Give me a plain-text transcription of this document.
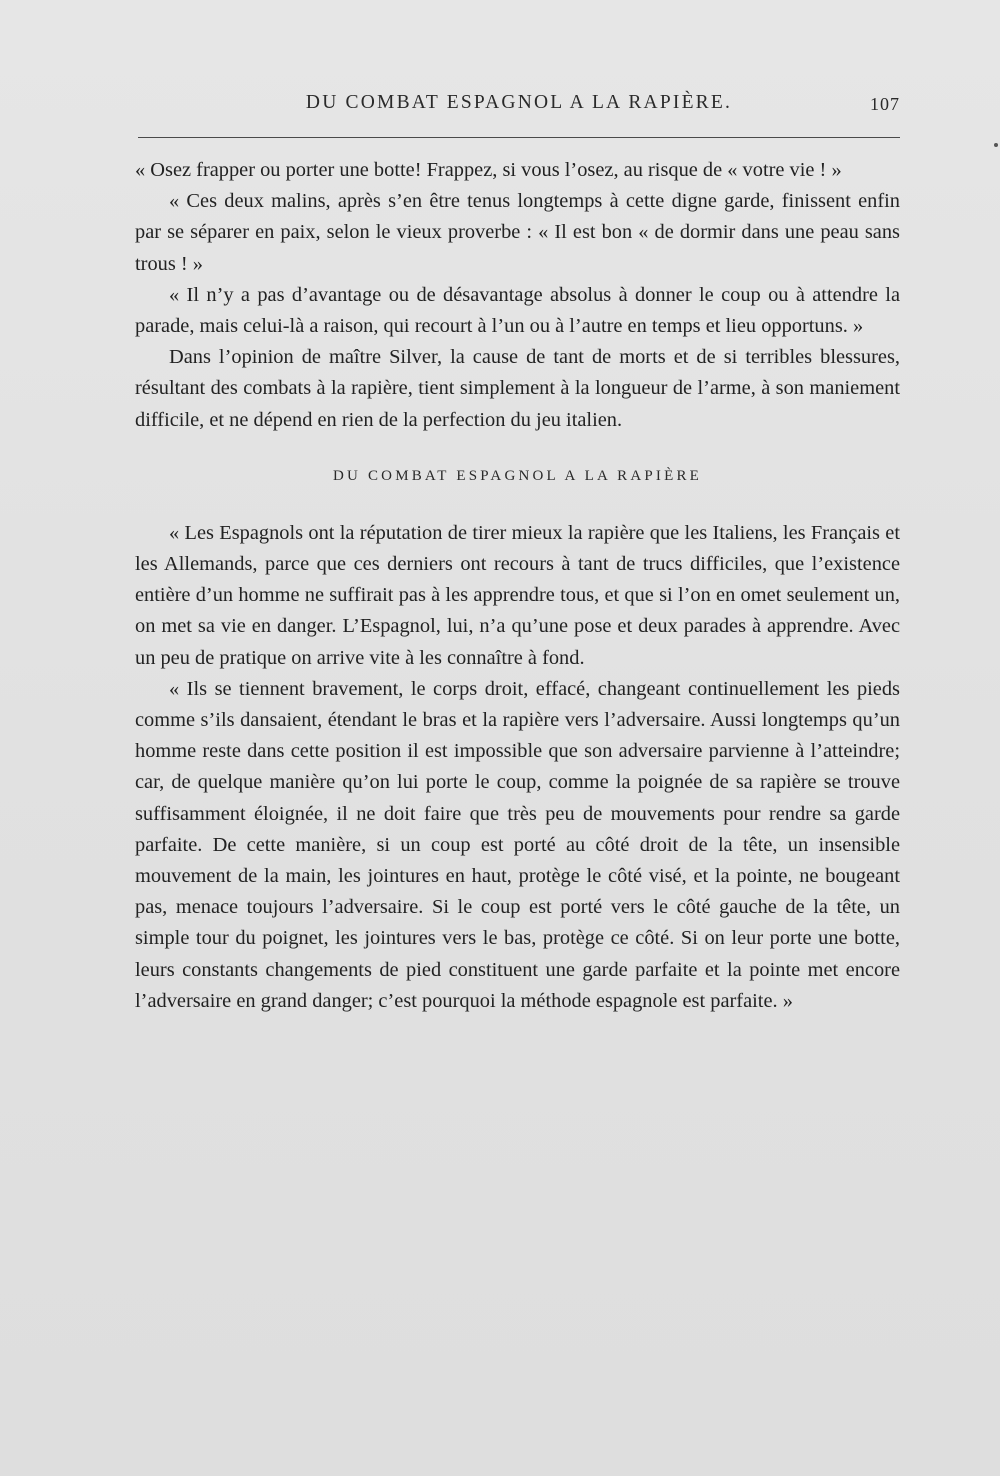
DU COMBAT ESPAGNOL A LA RAPIÈRE.	107

« Osez frapper ou porter une botte! Frappez, si vous l’osez, au risque de « votre vie ! »

« Ces deux malins, après s’en être tenus longtemps à cette digne garde, finissent enfin par se séparer en paix, selon le vieux proverbe : « Il est bon « de dormir dans une peau sans trous ! »

« Il n’y a pas d’avantage ou de désavantage absolus à donner le coup ou à attendre la parade, mais celui-là a raison, qui recourt à l’un ou à l’autre en temps et lieu opportuns. »

Dans l’opinion de maître Silver, la cause de tant de morts et de si terribles blessures, résultant des combats à la rapière, tient simplement à la longueur de l’arme, à son maniement difficile, et ne dépend en rien de la perfection du jeu italien.

DU COMBAT ESPAGNOL A LA RAPIÈRE

« Les Espagnols ont la réputation de tirer mieux la rapière que les Italiens, les Français et les Allemands, parce que ces derniers ont recours à tant de trucs difficiles, que l’existence entière d’un homme ne suffirait pas à les apprendre tous, et que si l’on en omet seulement un, on met sa vie en danger. L’Espagnol, lui, n’a qu’une pose et deux parades à apprendre. Avec un peu de pratique on arrive vite à les connaître à fond.

« Ils se tiennent bravement, le corps droit, effacé, changeant continuellement les pieds comme s’ils dansaient, étendant le bras et la rapière vers l’adversaire. Aussi longtemps qu’un homme reste dans cette position il est impossible que son adversaire parvienne à l’atteindre; car, de quelque manière qu’on lui porte le coup, comme la poignée de sa rapière se trouve suffisamment éloignée, il ne doit faire que très peu de mouvements pour rendre sa garde parfaite. De cette manière, si un coup est porté au côté droit de la tête, un insensible mouvement de la main, les jointures en haut, protège le côté visé, et la pointe, ne bougeant pas, menace toujours l’adversaire. Si le coup est porté vers le côté gauche de la tête, un simple tour du poignet, les jointures vers le bas, protège ce côté. Si on leur porte une botte, leurs constants changements de pied constituent une garde parfaite et la pointe met encore l’adversaire en grand danger; c’est pourquoi la méthode espagnole est parfaite. »
